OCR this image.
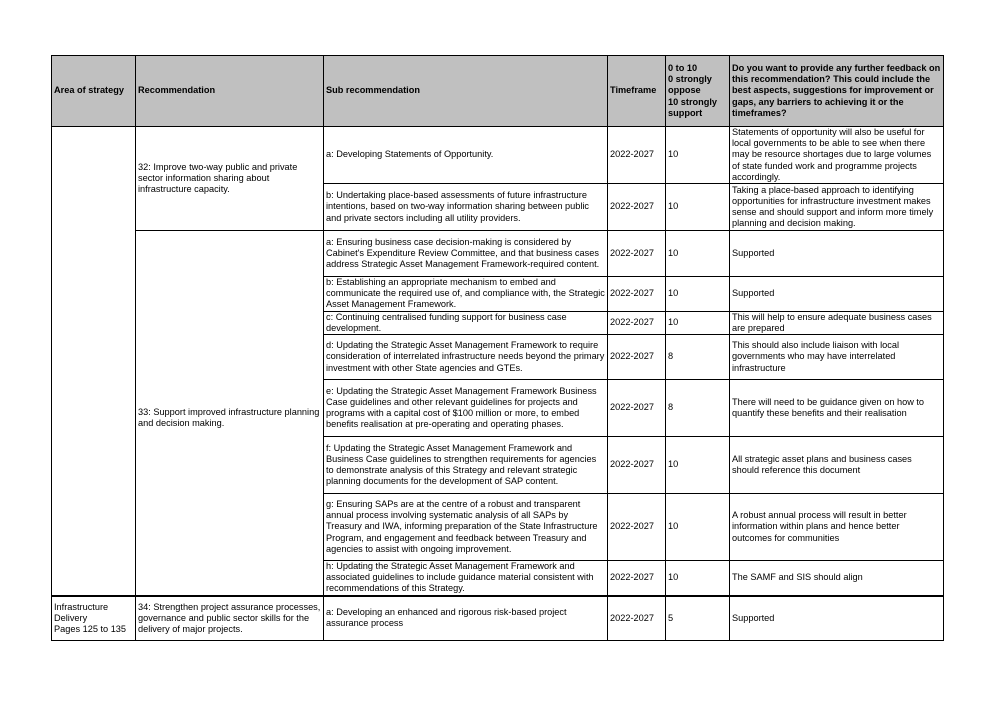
Area of strategy	Recommendation	Sub recommendation	Timeframe	0 to 10
0 strongly oppose
10 strongly support	Do you want to provide any further feedback on this recommendation? This could include the best aspects, suggestions for improvement or gaps, any barriers to achieving it or the timeframes?
	32: Improve two-way public and private sector information sharing about infrastructure capacity.	a: Developing Statements of Opportunity.	2022-2027	10	Statements of opportunity will also be useful for local governments to be able to see when there may be resource shortages due to large volumes of state funded work and programme projects accordingly.
		b: Undertaking place-based assessments of future infrastructure intentions, based on two-way information sharing between public and private sectors including all utility providers.	2022-2027	10	Taking a place-based approach to identifying opportunities for infrastructure investment makes sense and should support and inform more timely planning and decision making.
	33: Support improved infrastructure planning and decision making.	a: Ensuring business case decision-making is considered by Cabinet's Expenditure Review Committee, and that business cases address Strategic Asset Management Framework-required content.	2022-2027	10	Supported
		b: Establishing an appropriate mechanism to embed and communicate the required use of, and compliance with, the Strategic Asset Management Framework.	2022-2027	10	Supported
		c: Continuing centralised funding support for business case development.	2022-2027	10	This will help to ensure adequate business cases are prepared
		d: Updating the Strategic Asset Management Framework to require consideration of interrelated infrastructure needs beyond the primary investment with other State agencies and GTEs.	2022-2027	8	This should also include liaison with local governments who may have interrelated infrastructure
		e: Updating the Strategic Asset Management Framework Business Case guidelines and other relevant guidelines for projects and programs with a capital cost of $100 million or more, to embed benefits realisation at pre-operating and operating phases.	2022-2027	8	There will need to be guidance given on how to quantify these benefits and their realisation
		f: Updating the Strategic Asset Management Framework and Business Case guidelines to strengthen requirements for agencies to demonstrate analysis of this Strategy and relevant strategic planning documents for the development of SAP content.	2022-2027	10	All strategic asset plans and business cases should reference this document
		g: Ensuring SAPs are at the centre of a robust and transparent annual process involving systematic analysis of all SAPs by Treasury and IWA, informing preparation of the State Infrastructure Program, and engagement and feedback between Treasury and agencies to assist with ongoing improvement.	2022-2027	10	A robust annual process will result in better information within plans and hence better outcomes for communities
		h: Updating the Strategic Asset Management Framework and associated guidelines to include guidance material consistent with recommendations of this Strategy.	2022-2027	10	The SAMF and SIS should align
Infrastructure Delivery
Pages 125 to 135	34: Strengthen project assurance processes, governance and public sector skills for the delivery of major projects.	a: Developing an enhanced and rigorous risk-based project assurance process	2022-2027	5	Supported
